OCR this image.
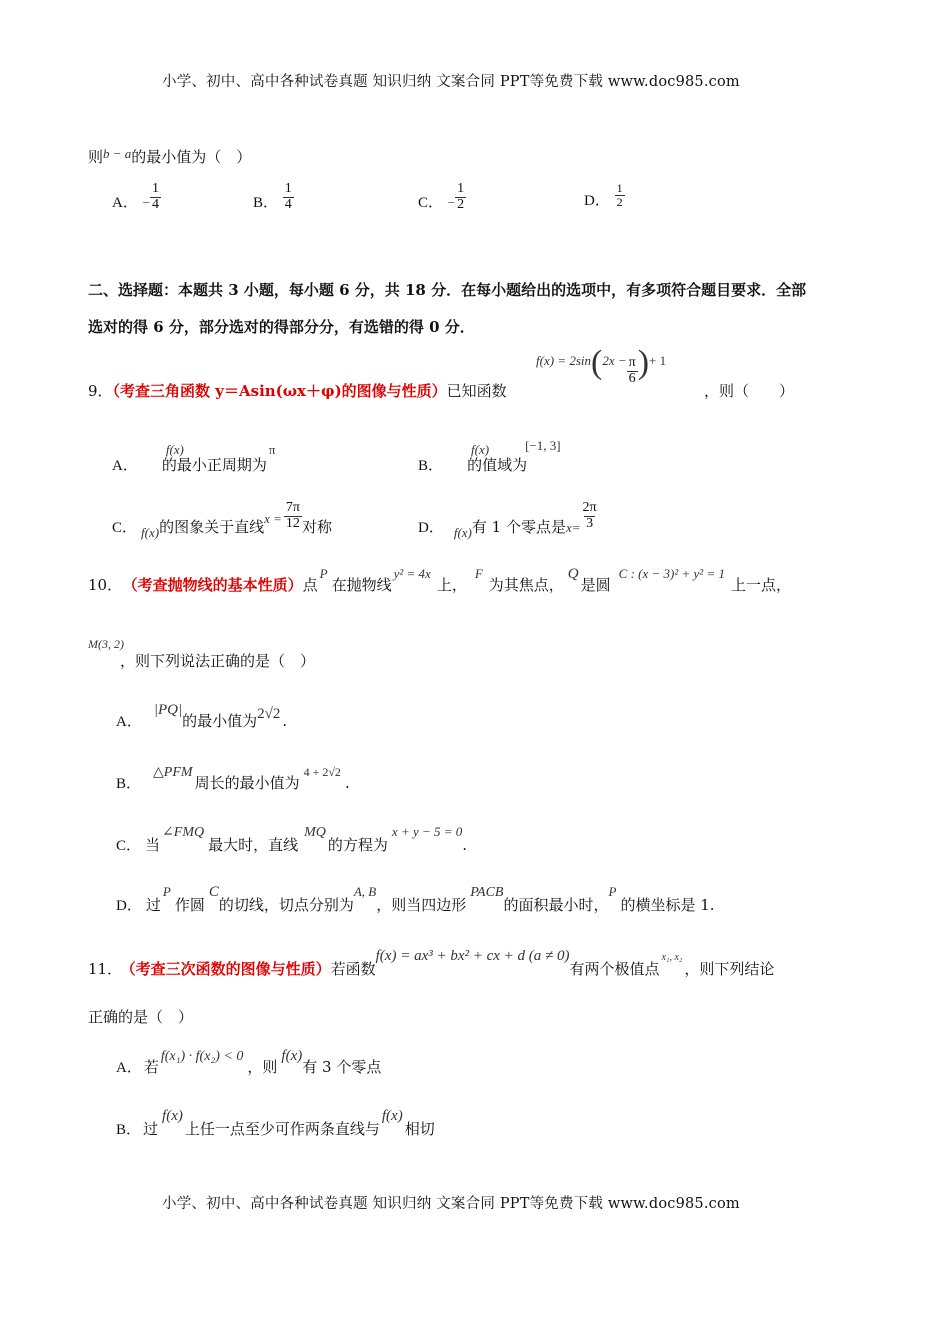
小学、初中、高中各种试卷真题 知识归纳 文案合同 PPT等免费下载 www.doc985.com
则b − a的最小值为（　）
A． − $\frac{1}{4}$	B． $\frac{1}{4}$	C． − $\frac{1}{2}$	D． $\frac{1}{2}$
二、选择题：本题共 3 小题，每小题 6 分，共 18 分．在每小题给出的选项中，有多项符合题目要求．全部
选对的得 6 分，部分选对的得部分分，有选错的得 0 分．
9．（考查三角函数 y＝Asin(ωx＋φ)的图像与性质）已知函数
$f(x) = 2\sin(2x - \frac{\pi}{6}$ )+ 1
，则（　　）
A．f(x)的最小正周期为π
B．f(x)的值域为[−1, 3]
C． f(x)的图象关于直线$x = \frac{7\pi}{12}$ 对称	D． f(x)有 1 个零点是$x= \frac{2\pi}{3}$
10． （考查抛物线的基本性质）点P在抛物线y² = 4x上，F为其焦点，Q是圆C : (x − 3)² + y² = 1上一点，
M(3, 2)，则下列说法正确的是（　）
A．|PQ|的最小值为2√2 .
B．△PFM周长的最小值为4 + 2√2.
C． 当∠FMQ最大时，直线MQ的方程为x + y − 5 = 0.
D． 过P作圆C的切线，切点分别为A, B，则当四边形PACB的面积最小时，P的横坐标是 1.
11． （考查三次函数的图像与性质）若函数f(x) = ax³ + bx² + cx + d (a ≠ 0)有两个极值点$_{x_1, x_2}$，则下列结论
正确的是（　）
A． 若f(x₁) · f(x₂) < 0，则f(x)有 3 个零点
B． 过f(x)上任一点至少可作两条直线与f(x)相切
小学、初中、高中各种试卷真题 知识归纳 文案合同 PPT等免费下载 www.doc985.com
